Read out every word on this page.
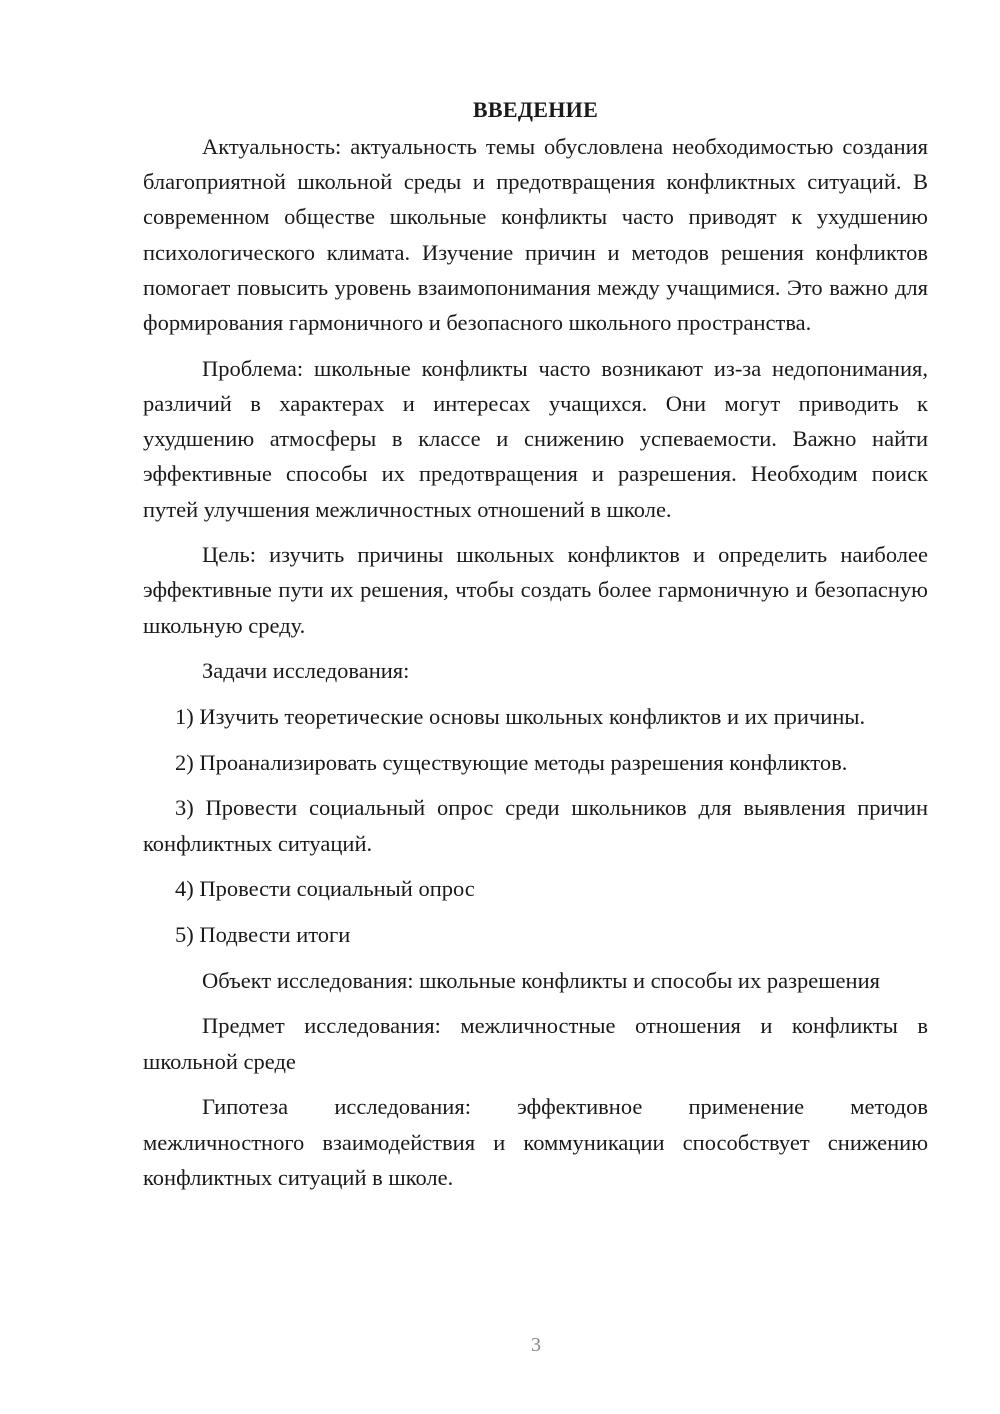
ВВЕДЕНИЕ

Актуальность: актуальность темы обусловлена необходимостью создания благоприятной школьной среды и предотвращения конфликтных ситуаций. В современном обществе школьные конфликты часто приводят к ухудшению психологического климата. Изучение причин и методов решения конфликтов помогает повысить уровень взаимопонимания между учащимися. Это важно для формирования гармоничного и безопасного школьного пространства.

Проблема: школьные конфликты часто возникают из-за недопонимания, различий в характерах и интересах учащихся. Они могут приводить к ухудшению атмосферы в классе и снижению успеваемости. Важно найти эффективные способы их предотвращения и разрешения. Необходим поиск путей улучшения межличностных отношений в школе.

Цель: изучить причины школьных конфликтов и определить наиболее эффективные пути их решения, чтобы создать более гармоничную и безопасную школьную среду.

Задачи исследования:

1) Изучить теоретические основы школьных конфликтов и их причины.

2) Проанализировать существующие методы разрешения конфликтов.

3) Провести социальный опрос среди школьников для выявления причин конфликтных ситуаций.

4) Провести социальный опрос

5) Подвести итоги

Объект исследования: школьные конфликты и способы их разрешения

Предмет исследования: межличностные отношения и конфликты в школьной среде

Гипотеза исследования: эффективное применение методов межличностного взаимодействия и коммуникации способствует снижению конфликтных ситуаций в школе.

3
